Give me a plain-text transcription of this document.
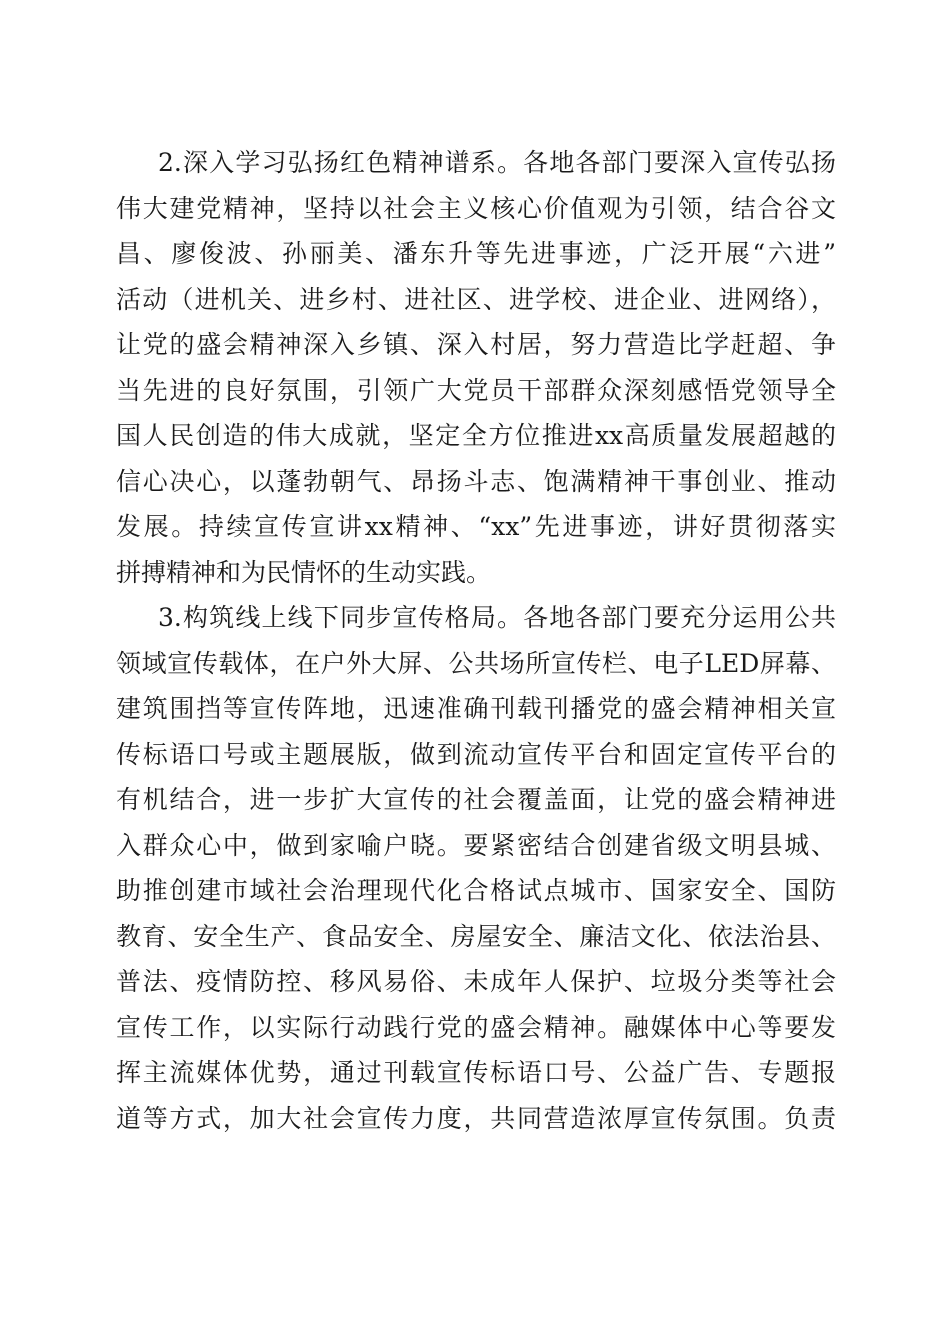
2.深入学习弘扬红色精神谱系。各地各部门要深入宣传弘扬
伟大建党精神，坚持以社会主义核心价值观为引领，结合谷文
昌、廖俊波、孙丽美、潘东升等先进事迹，广泛开展“六进”
活动（进机关、进乡村、进社区、进学校、进企业、进网络），
让党的盛会精神深入乡镇、深入村居，努力营造比学赶超、争
当先进的良好氛围，引领广大党员干部群众深刻感悟党领导全
国人民创造的伟大成就，坚定全方位推进xx高质量发展超越的
信心决心，以蓬勃朝气、昂扬斗志、饱满精神干事创业、推动
发展。持续宣传宣讲xx精神、“xx”先进事迹，讲好贯彻落实
拼搏精神和为民情怀的生动实践。
3.构筑线上线下同步宣传格局。各地各部门要充分运用公共
领域宣传载体，在户外大屏、公共场所宣传栏、电子LED屏幕、
建筑围挡等宣传阵地，迅速准确刊载刊播党的盛会精神相关宣
传标语口号或主题展版，做到流动宣传平台和固定宣传平台的
有机结合，进一步扩大宣传的社会覆盖面，让党的盛会精神进
入群众心中，做到家喻户晓。要紧密结合创建省级文明县城、
助推创建市域社会治理现代化合格试点城市、国家安全、国防
教育、安全生产、食品安全、房屋安全、廉洁文化、依法治县、
普法、疫情防控、移风易俗、未成年人保护、垃圾分类等社会
宣传工作，以实际行动践行党的盛会精神。融媒体中心等要发
挥主流媒体优势，通过刊载宣传标语口号、公益广告、专题报
道等方式，加大社会宣传力度，共同营造浓厚宣传氛围。负责
